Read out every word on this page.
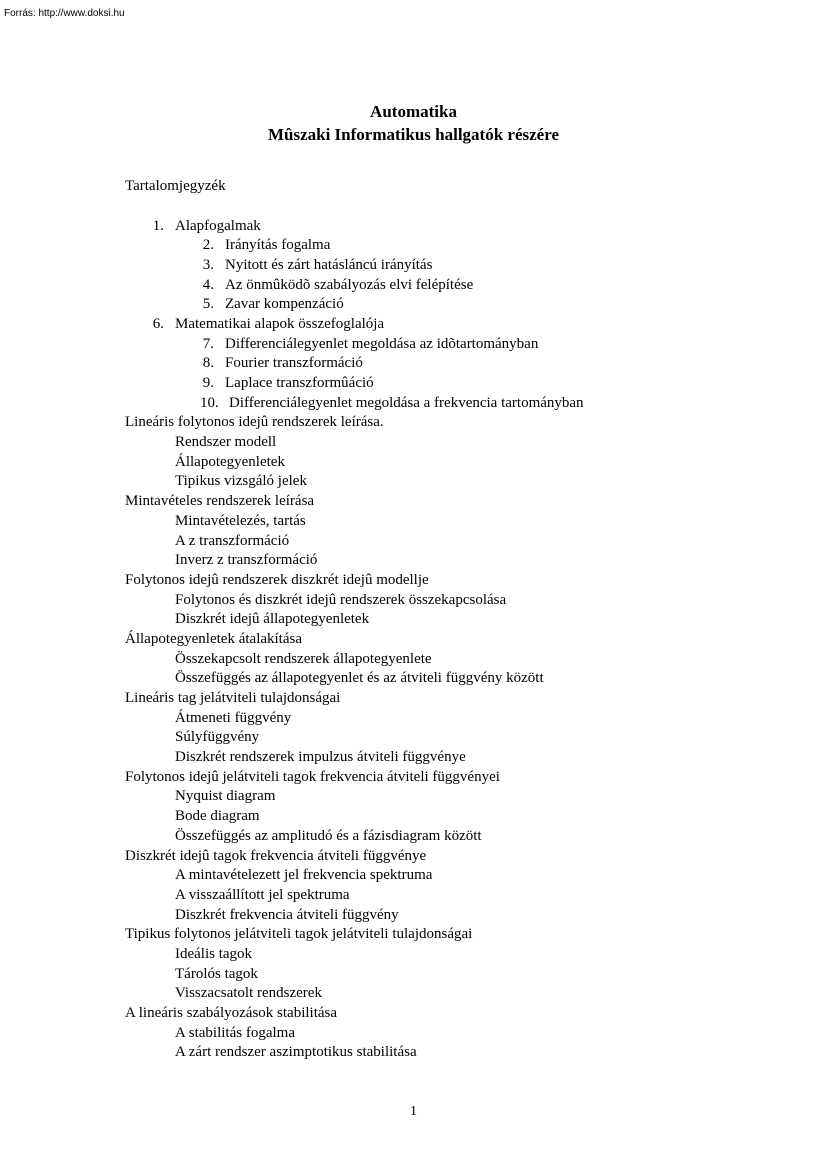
Forrás: http://www.doksi.hu
Automatika
Mûszaki Informatikus hallgatók részére
Tartalomjegyzék
1. Alapfogalmak
2. Irányítás fogalma
3. Nyitott és zárt hatásláncú irányítás
4. Az önmûködõ szabályozás elvi felépítése
5. Zavar kompenzáció
6. Matematikai alapok összefoglalója
7. Differenciálegyenlet megoldása az idõtartományban
8. Fourier transzformáció
9. Laplace transzformûáció
10. Differenciálegyenlet megoldása a frekvencia tartományban
Lineáris folytonos idejû rendszerek leírása.
Rendszer modell
Állapotegyenletek
Tipikus vizsgáló jelek
Mintavételes rendszerek leírása
Mintavételezés, tartás
A z transzformáció
Inverz z transzformáció
Folytonos idejû rendszerek diszkrét idejû modellje
Folytonos és diszkrét idejû rendszerek összekapcsolása
Diszkrét idejû állapotegyenletek
Állapotegyenletek átalakítása
Összekapcsolt rendszerek állapotegyenlete
Összefüggés az állapotegyenlet és az átviteli függvény között
Lineáris tag jelátviteli tulajdonságai
Átmeneti függvény
Súlyfüggvény
Diszkrét rendszerek impulzus átviteli függvénye
Folytonos idejû jelátviteli tagok frekvencia átviteli függvényei
Nyquist diagram
Bode diagram
Összefüggés az amplitudó és a fázisdiagram között
Diszkrét idejû tagok frekvencia átviteli függvénye
A mintavételezett jel frekvencia spektruma
A visszaállított jel spektruma
Diszkrét frekvencia átviteli függvény
Tipikus folytonos jelátviteli tagok jelátviteli tulajdonságai
Ideális tagok
Tárolós tagok
Visszacsatolt rendszerek
A lineáris szabályozások stabilitása
A stabilitás fogalma
A zárt rendszer aszimptotikus stabilitása
1
